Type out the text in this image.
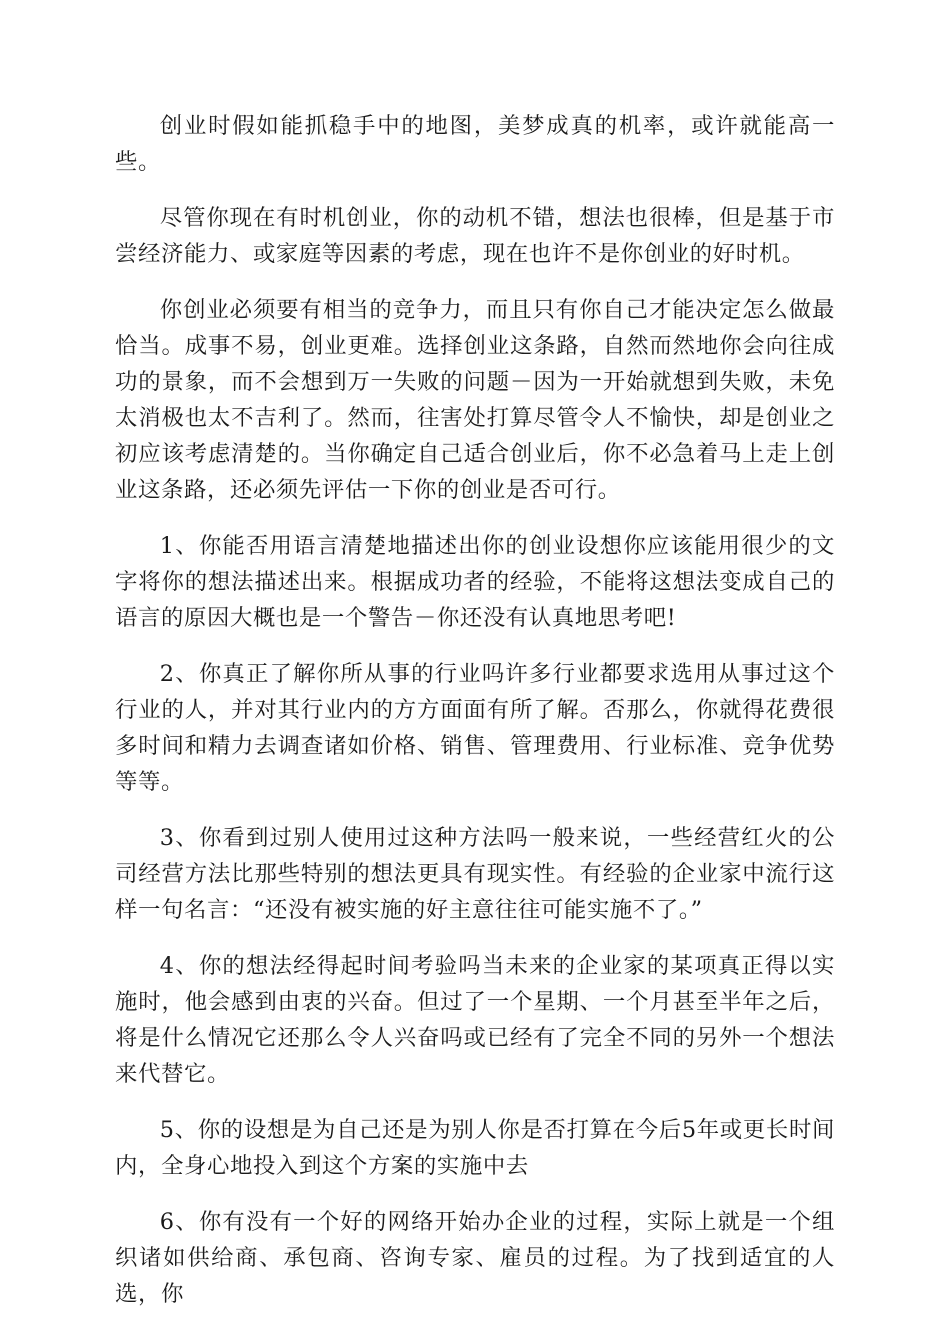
创业时假如能抓稳手中的地图，美梦成真的机率，或许就能高一些。

尽管你现在有时机创业，你的动机不错，想法也很棒，但是基于市尝经济能力、或家庭等因素的考虑，现在也许不是你创业的好时机。

你创业必须要有相当的竞争力，而且只有你自己才能决定怎么做最恰当。成事不易，创业更难。选择创业这条路，自然而然地你会向往成功的景象，而不会想到万一失败的问题－因为一开始就想到失败，未免太消极也太不吉利了。然而，往害处打算尽管令人不愉快，却是创业之初应该考虑清楚的。当你确定自己适合创业后，你不必急着马上走上创业这条路，还必须先评估一下你的创业是否可行。

1、你能否用语言清楚地描述出你的创业设想你应该能用很少的文字将你的想法描述出来。根据成功者的经验，不能将这想法变成自己的语言的原因大概也是一个警告－你还没有认真地思考吧!

2、你真正了解你所从事的行业吗许多行业都要求选用从事过这个行业的人，并对其行业内的方方面面有所了解。否那么，你就得花费很多时间和精力去调查诸如价格、销售、管理费用、行业标准、竞争优势等等。

3、你看到过别人使用过这种方法吗一般来说，一些经营红火的公司经营方法比那些特别的想法更具有现实性。有经验的企业家中流行这样一句名言：“还没有被实施的好主意往往可能实施不了。”

4、你的想法经得起时间考验吗当未来的企业家的某项真正得以实施时，他会感到由衷的兴奋。但过了一个星期、一个月甚至半年之后，将是什么情况它还那么令人兴奋吗或已经有了完全不同的另外一个想法来代替它。

5、你的设想是为自己还是为别人你是否打算在今后5年或更长时间内，全身心地投入到这个方案的实施中去

6、你有没有一个好的网络开始办企业的过程，实际上就是一个组织诸如供给商、承包商、咨询专家、雇员的过程。为了找到适宜的人选，你
